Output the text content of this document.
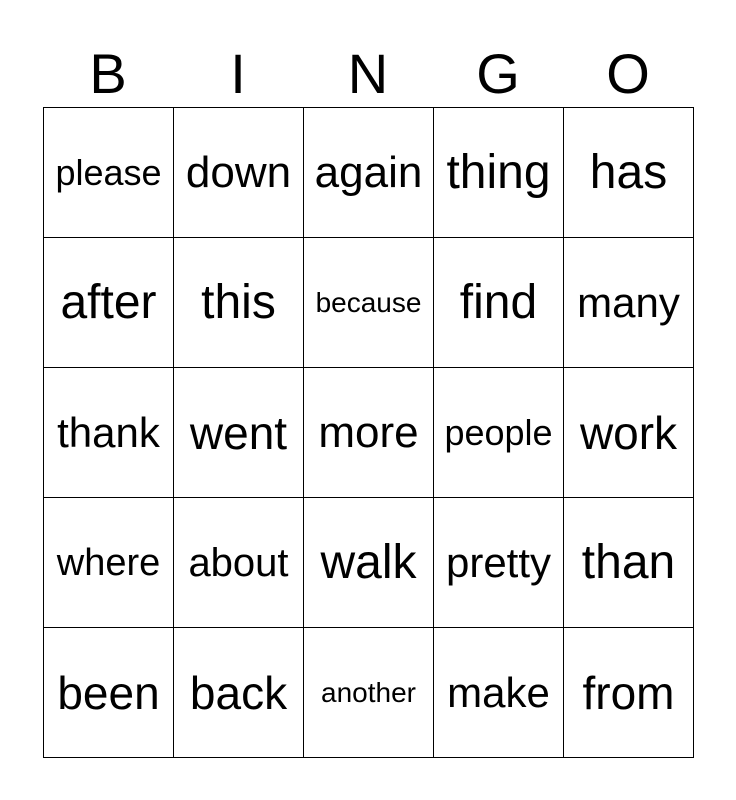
B	I	N	G	O
please down again thing has
after this	because find many
thank went more people work
where about walk pretty than
been back	another make from
